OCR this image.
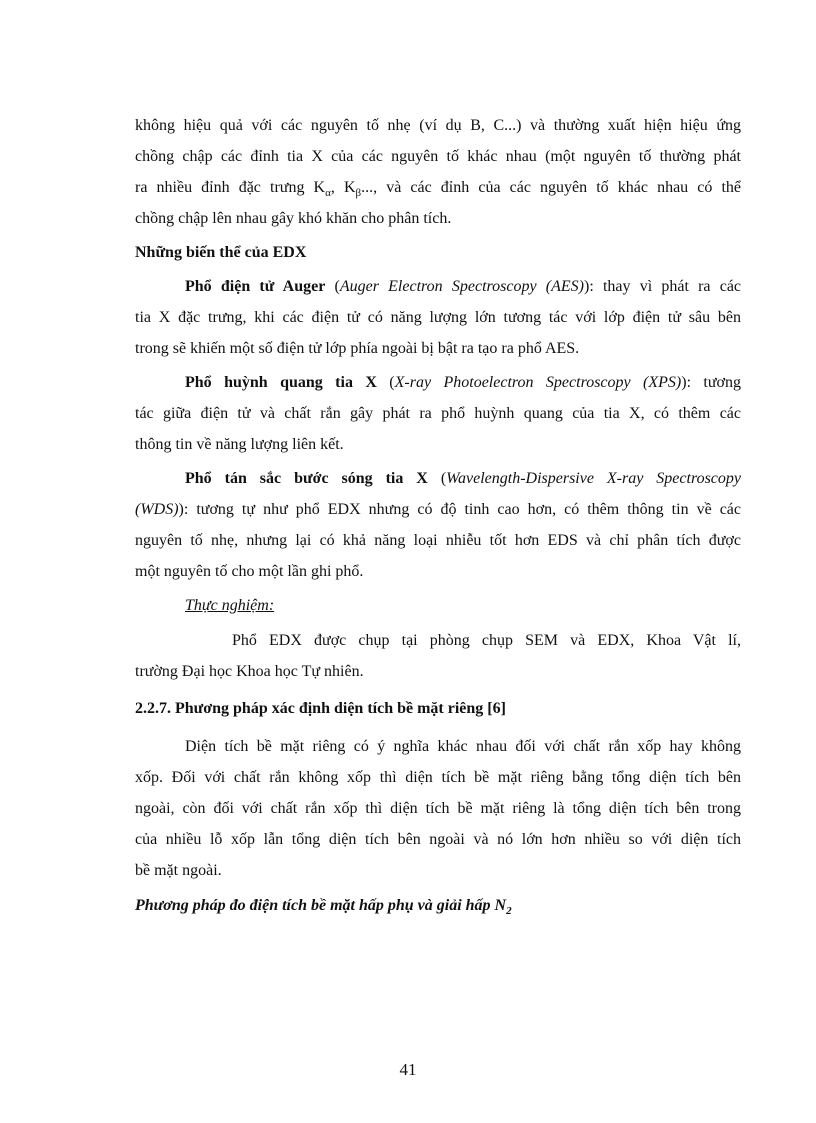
không hiệu quả với các nguyên tố nhẹ (ví dụ B, C...) và thường xuất hiện hiệu ứng
chồng chập các đỉnh tia X của các nguyên tố khác nhau (một nguyên tố thường phát
ra nhiều đỉnh đặc trưng $K_\alpha$, $K_\beta$..., và các đỉnh của các nguyên tố khác nhau có thể
chồng chập lên nhau gây khó khăn cho phân tích.
Những biến thể của EDX
Phổ điện tử Auger (Auger Electron Spectroscopy (AES)): thay vì phát ra các
tia X đặc trưng, khi các điện tử có năng lượng lớn tương tác với lớp điện tử sâu bên
trong sẽ khiến một số điện tử lớp phía ngoài bị bật ra tạo ra phổ AES.
Phổ huỳnh quang tia X (X-ray Photoelectron Spectroscopy (XPS)): tương
tác giữa điện tử và chất rắn gây phát ra phổ huỳnh quang của tia X, có thêm các
thông tin về năng lượng liên kết.
Phổ tán sắc bước sóng tia X (Wavelength-Dispersive X-ray Spectroscopy
(WDS)): tương tự như phổ EDX nhưng có độ tinh cao hơn, có thêm thông tin về các
nguyên tố nhẹ, nhưng lại có khả năng loại nhiễu tốt hơn EDS và chỉ phân tích được
một nguyên tố cho một lần ghi phổ.
Thực nghiệm:
Phổ EDX được chụp tại phòng chụp SEM và EDX, Khoa Vật lí,
trường Đại học Khoa học Tự nhiên.
2.2.7. Phương pháp xác định diện tích bề mặt riêng [6]
Diện tích bề mặt riêng có ý nghĩa khác nhau đối với chất rắn xốp hay không
xốp. Đối với chất rắn không xốp thì diện tích bề mặt riêng bằng tổng diện tích bên
ngoài, còn đối với chất rắn xốp thì diện tích bề mặt riêng là tổng diện tích bên trong
của nhiều lỗ xốp lẫn tổng diện tích bên ngoài và nó lớn hơn nhiều so với diện tích
bề mặt ngoài.
Phương pháp đo điện tích bề mặt hấp phụ và giải hấp $N_2$
41
